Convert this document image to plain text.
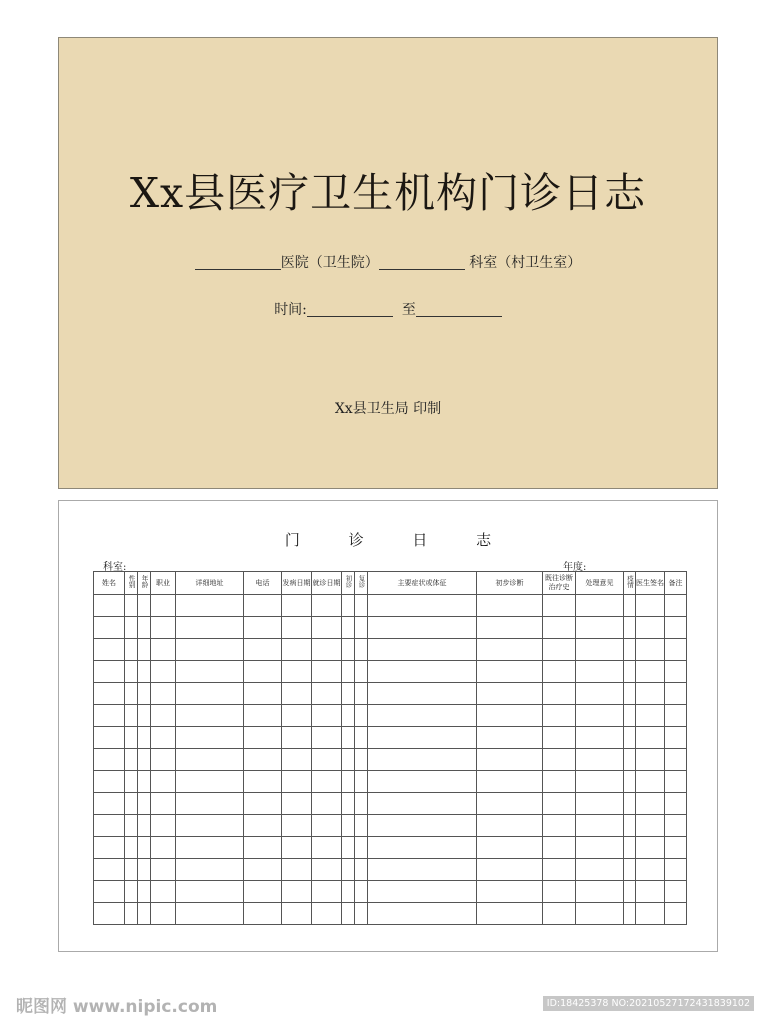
Xx县医疗卫生机构门诊日志
医院（卫生院）	科室（村卫生室）
时间:	至
Xx县卫生局 印制
门 诊 日 志
科室:	年度:
姓名	性别	年龄	职业	详细地址	电话	发病日期	就诊日期	初诊	复诊	主要症状或体征	初步诊断	既往诊断治疗史	处理意见	疫情	医生签名	备注

昵图网 www.nipic.com	ID:18425378 NO:20210527172431839102
